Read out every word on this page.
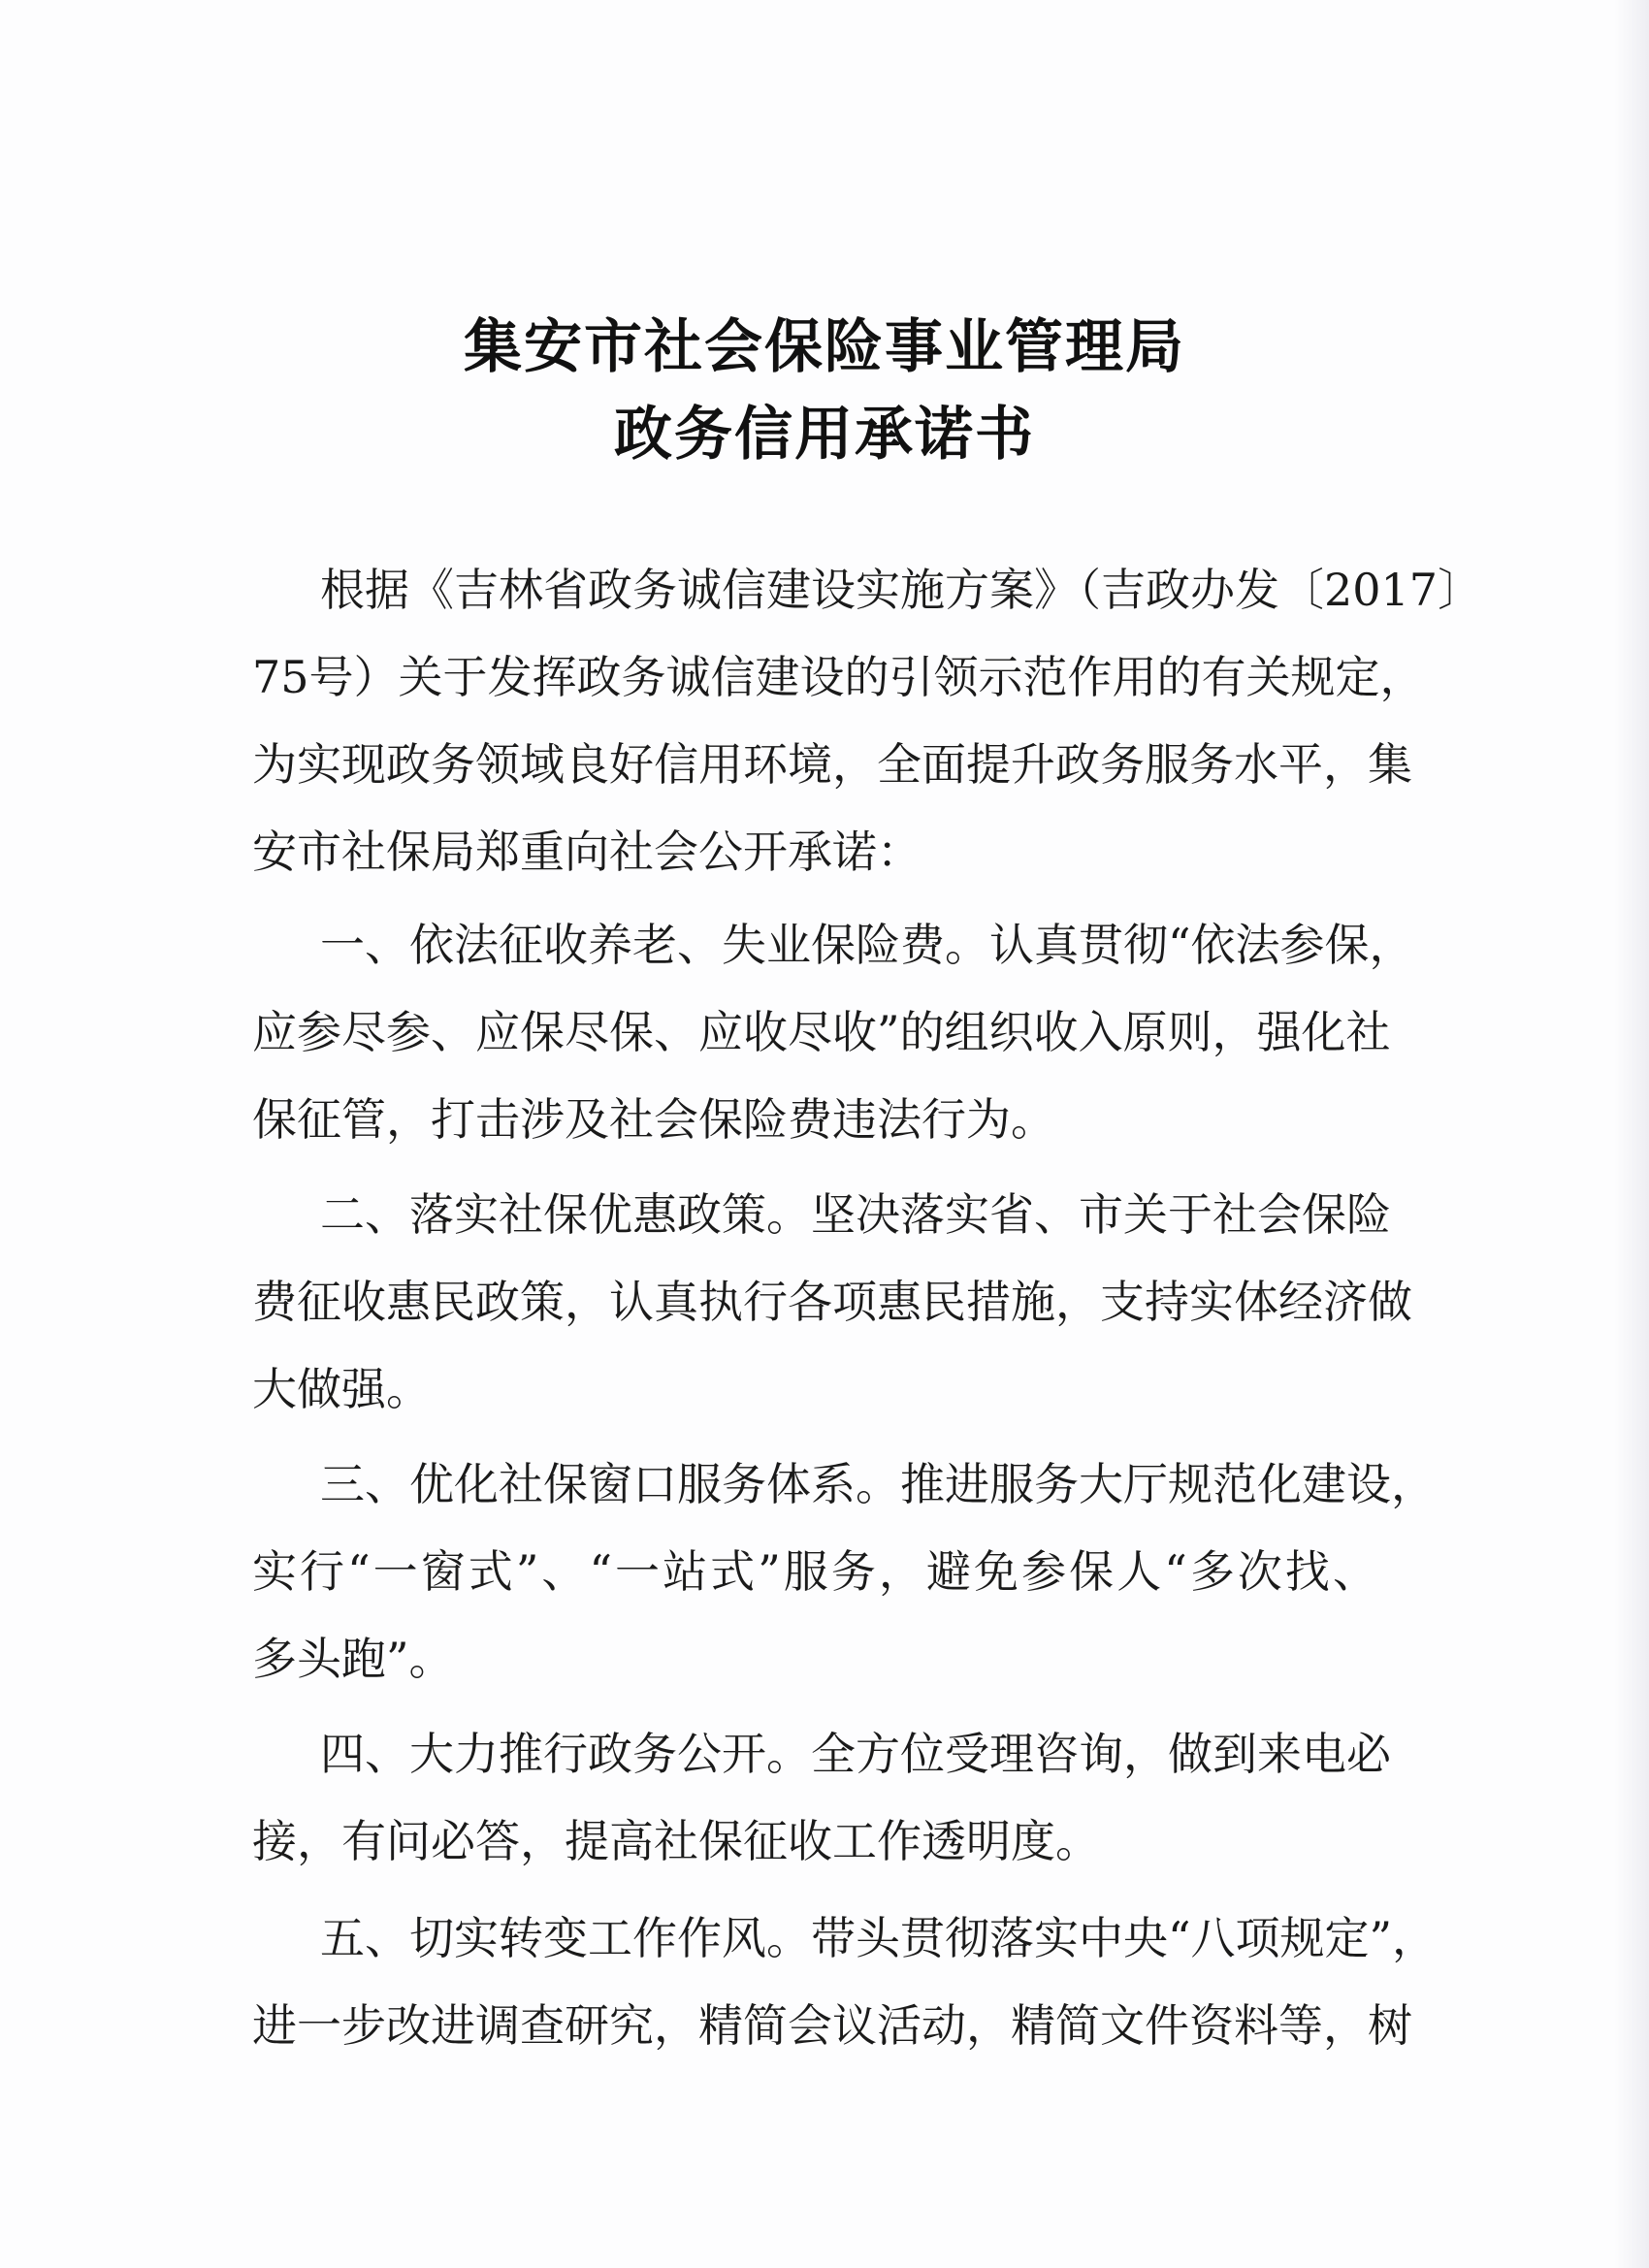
集安市社会保险事业管理局
政务信用承诺书
根据《吉林省政务诚信建设实施方案》（吉政办发〔2017〕
75号）关于发挥政务诚信建设的引领示范作用的有关规定，
为实现政务领域良好信用环境，全面提升政务服务水平，集
安市社保局郑重向社会公开承诺：
一、依法征收养老、失业保险费。认真贯彻“依法参保，
应参尽参、应保尽保、应收尽收”的组织收入原则，强化社
保征管，打击涉及社会保险费违法行为。
二、落实社保优惠政策。坚决落实省、市关于社会保险
费征收惠民政策，认真执行各项惠民措施，支持实体经济做
大做强。
三、优化社保窗口服务体系。推进服务大厅规范化建设，
实行“一窗式”、“一站式”服务，避免参保人“多次找、
多头跑”。
四、大力推行政务公开。全方位受理咨询，做到来电必
接，有问必答，提高社保征收工作透明度。
五、切实转变工作作风。带头贯彻落实中央“八项规定”，
进一步改进调查研究，精简会议活动，精简文件资料等，树
